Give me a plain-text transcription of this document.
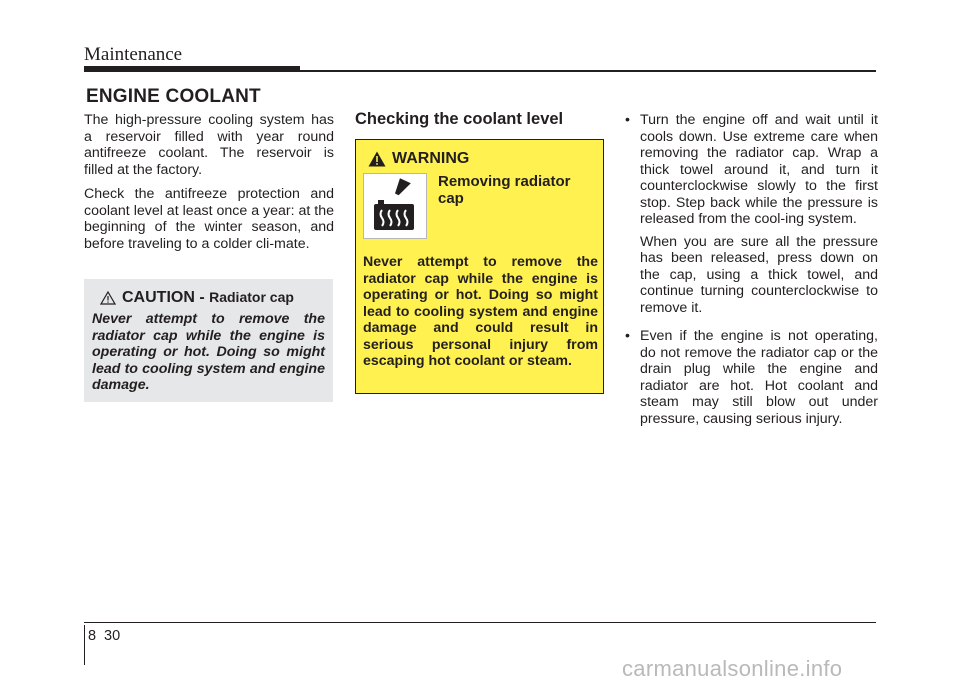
Maintenance
ENGINE COOLANT

The high-pressure cooling system has a reservoir filled with year round antifreeze coolant. The reservoir is filled at the factory.

Check the antifreeze protection and coolant level at least once a year: at the beginning of the winter season, and before traveling to a colder cli-mate.

CAUTION - Radiator cap
Never attempt to remove the radiator cap while the engine is operating or hot. Doing so might lead to cooling system and engine damage.
Checking the coolant level
WARNING
Removing radiator cap
Never attempt to remove the radiator cap while the engine is operating or hot. Doing so might lead to cooling system and engine damage and could result in serious personal injury from escaping hot coolant or steam.
• Turn the engine off and wait until it cools down. Use extreme care when removing the radiator cap. Wrap a thick towel around it, and turn it counterclockwise slowly to the first stop. Step back while the pressure is released from the cool-ing system.

When you are sure all the pressure has been released, press down on the cap, using a thick towel, and continue turning counterclockwise to remove it.

• Even if the engine is not operating, do not remove the radiator cap or the drain plug while the engine and radiator are hot. Hot coolant and steam may still blow out under pressure, causing serious injury.

8 30
carmanualsonline.info
